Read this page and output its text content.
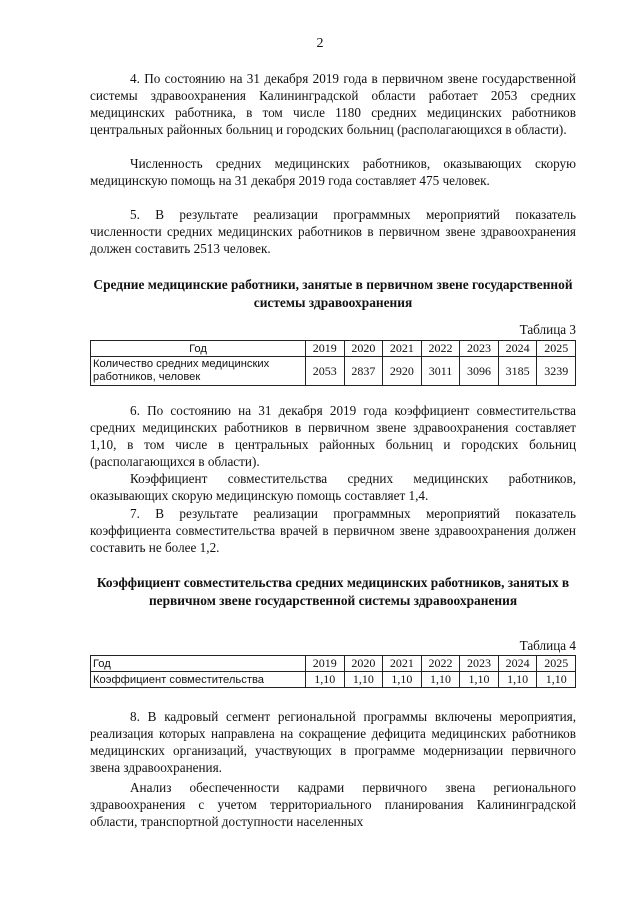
2
4. По состоянию на 31 декабря 2019 года в первичном звене государственной системы здравоохранения Калининградской области работает 2053 средних медицинских работника, в том числе 1180 средних медицинских работников центральных районных больниц и городских больниц (располагающихся в области).
Численность средних медицинских работников, оказывающих скорую медицинскую помощь на 31 декабря 2019 года составляет 475 человек.
5. В результате реализации программных мероприятий показатель численности средних медицинских работников в первичном звене здравоохранения должен составить 2513 человек.
Средние медицинские работники, занятые в первичном звене государственной системы здравоохранения
Таблица 3
Год	2019	2020	2021	2022	2023	2024	2025
Количество средних медицинских работников, человек	2053	2837	2920	3011	3096	3185	3239
6. По состоянию на 31 декабря 2019 года коэффициент совместительства средних медицинских работников в первичном звене здравоохранения составляет 1,10, в том числе в центральных районных больниц и городских больниц (располагающихся в области).
Коэффициент совместительства средних медицинских работников, оказывающих скорую медицинскую помощь составляет 1,4.
7. В результате реализации программных мероприятий показатель коэффициента совместительства врачей в первичном звене здравоохранения должен составить не более 1,2.
Коэффициент совместительства средних медицинских работников, занятых в первичном звене государственной системы здравоохранения
Таблица 4
Год	2019	2020	2021	2022	2023	2024	2025
Коэффициент совместительства	1,10	1,10	1,10	1,10	1,10	1,10	1,10
8. В кадровый сегмент региональной программы включены мероприятия, реализация которых направлена на сокращение дефицита медицинских работников медицинских организаций, участвующих в программе модернизации первичного звена здравоохранения.
Анализ обеспеченности кадрами первичного звена регионального здравоохранения с учетом территориального планирования Калининградской области, транспортной доступности населенных
